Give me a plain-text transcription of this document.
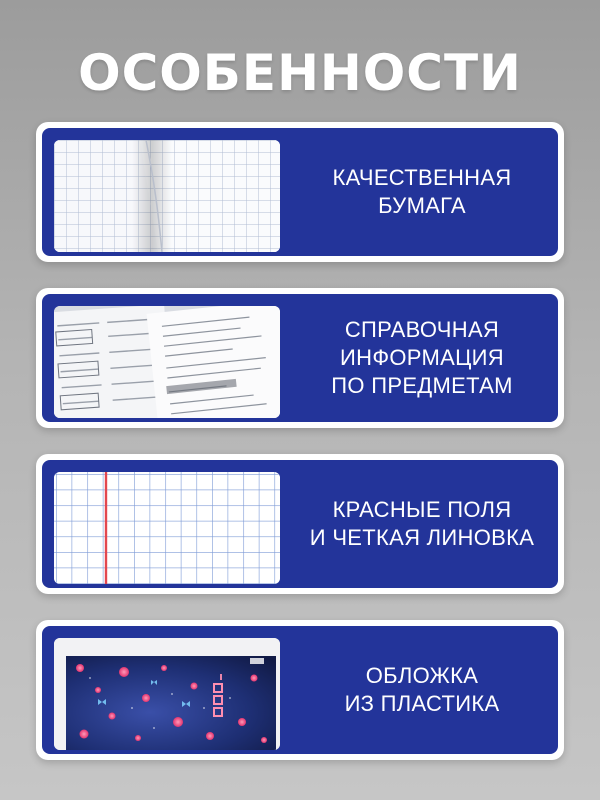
ОСОБЕННОСТИ
КАЧЕСТВЕННАЯ
БУМАГА
СПРАВОЧНАЯ
ИНФОРМАЦИЯ
ПО ПРЕДМЕТАМ
КРАСНЫЕ ПОЛЯ
И ЧЕТКАЯ ЛИНОВКА
ОБЛОЖКА
ИЗ ПЛАСТИКА
